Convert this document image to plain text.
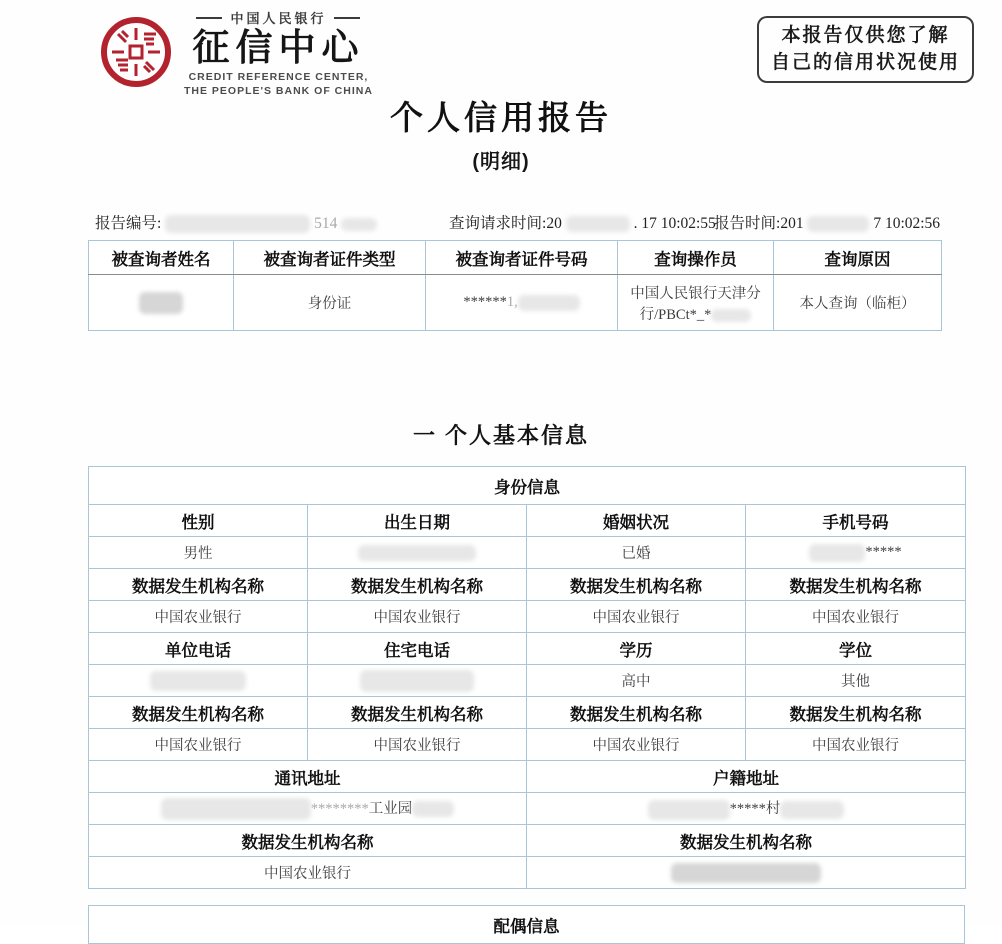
中国人民银行
征信中心
CREDIT REFERENCE CENTER,
THE PEOPLE'S BANK OF CHINA
本报告仅供您了解
自己的信用状况使用
个人信用报告
(明细)
报告编号:	514	查询请求时间:20	. 17 10:02:55
报告时间:201	7 10:02:56
被查询者姓名	被查询者证件类型	被查询者证件号码	查询操作员	查询原因
	身份证	******1,	中国人民银行天津分
行/PBCt*_*	本人查询（临柜）
一 个人基本信息
身份信息			
性别	出生日期	婚姻状况	手机号码
男性		已婚	*****
数据发生机构名称	数据发生机构名称	数据发生机构名称	数据发生机构名称
中国农业银行	中国农业银行	中国农业银行	中国农业银行
单位电话	住宅电话	学历	学位
		高中	其他
数据发生机构名称	数据发生机构名称	数据发生机构名称	数据发生机构名称
中国农业银行	中国农业银行	中国农业银行	中国农业银行
通讯地址		户籍地址	
********工业园		*****村	
数据发生机构名称		数据发生机构名称	
中国农业银行			
配偶信息
